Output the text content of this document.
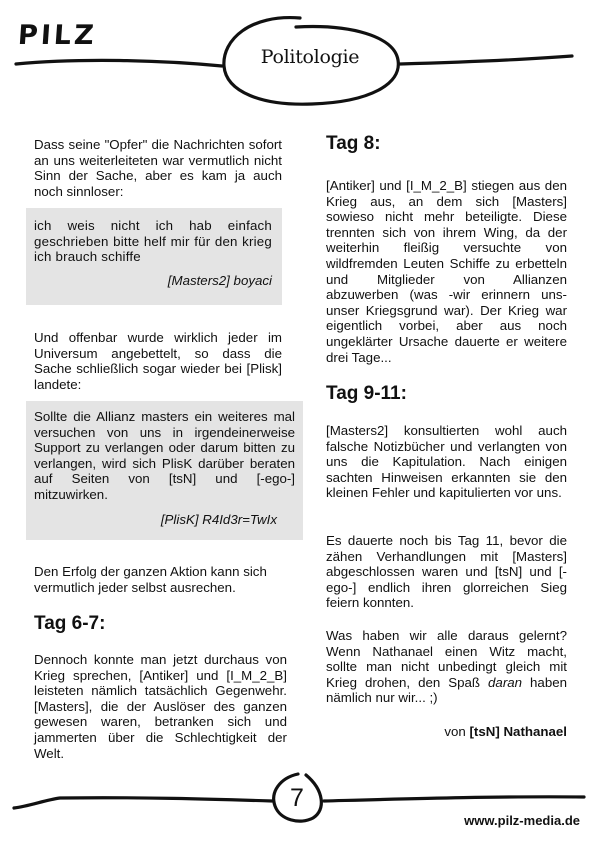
PILZ
Politologie

Dass seine "Opfer" die Nachrichten sofort an uns weiterleiteten war vermutlich nicht Sinn der Sache, aber es kam ja auch noch sinnloser:

ich weis nicht ich hab einfach geschrieben bitte helf mir für den krieg ich brauch schiffe

[Masters2] boyaci

Und offenbar wurde wirklich jeder im Universum angebettelt, so dass die Sache schließlich sogar wieder bei [Plisk] landete:

Sollte die Allianz masters ein weiteres mal versuchen von uns in irgendeinerweise Support zu verlangen oder darum bitten zu verlangen, wird sich PlisK darüber beraten auf Seiten von [tsN] und [-ego-] mitzuwirken.

[PlisK] R4Id3r=TwIx

Den Erfolg der ganzen Aktion kann sich vermutlich jeder selbst ausrechen.

Tag 6-7:

Dennoch konnte man jetzt durchaus von Krieg sprechen, [Antiker] und [I_M_2_B] leisteten nämlich tatsächlich Gegenwehr. [Masters], die der Auslöser des ganzen gewesen waren, betranken sich und jammerten über die Schlechtigkeit der Welt.

Tag 8:

[Antiker] und [I_M_2_B] stiegen aus den Krieg aus, an dem sich [Masters] sowieso nicht mehr beteiligte. Diese trennten sich von ihrem Wing, da der weiterhin fleißig versuchte von wildfremden Leuten Schiffe zu erbetteln und Mitglieder von Allianzen abzuwerben (was -wir erinnern uns- unser Kriegsgrund war). Der Krieg war eigentlich vorbei, aber aus noch ungeklärter Ursache dauerte er weitere drei Tage...

Tag 9-11:

[Masters2] konsultierten wohl auch falsche Notizbücher und verlangten von uns die Kapitulation. Nach einigen sachten Hinweisen erkannten sie den kleinen Fehler und kapitulierten vor uns.

Es dauerte noch bis Tag 11, bevor die zähen Verhandlungen mit [Masters] abgeschlossen waren und [tsN] und [-ego-] endlich ihren glorreichen Sieg feiern konnten.

Was haben wir alle daraus gelernt? Wenn Nathanael einen Witz macht, sollte man nicht unbedingt gleich mit Krieg drohen, den Spaß daran haben nämlich nur wir... ;)

von [tsN] Nathanael
7
www.pilz-media.de
